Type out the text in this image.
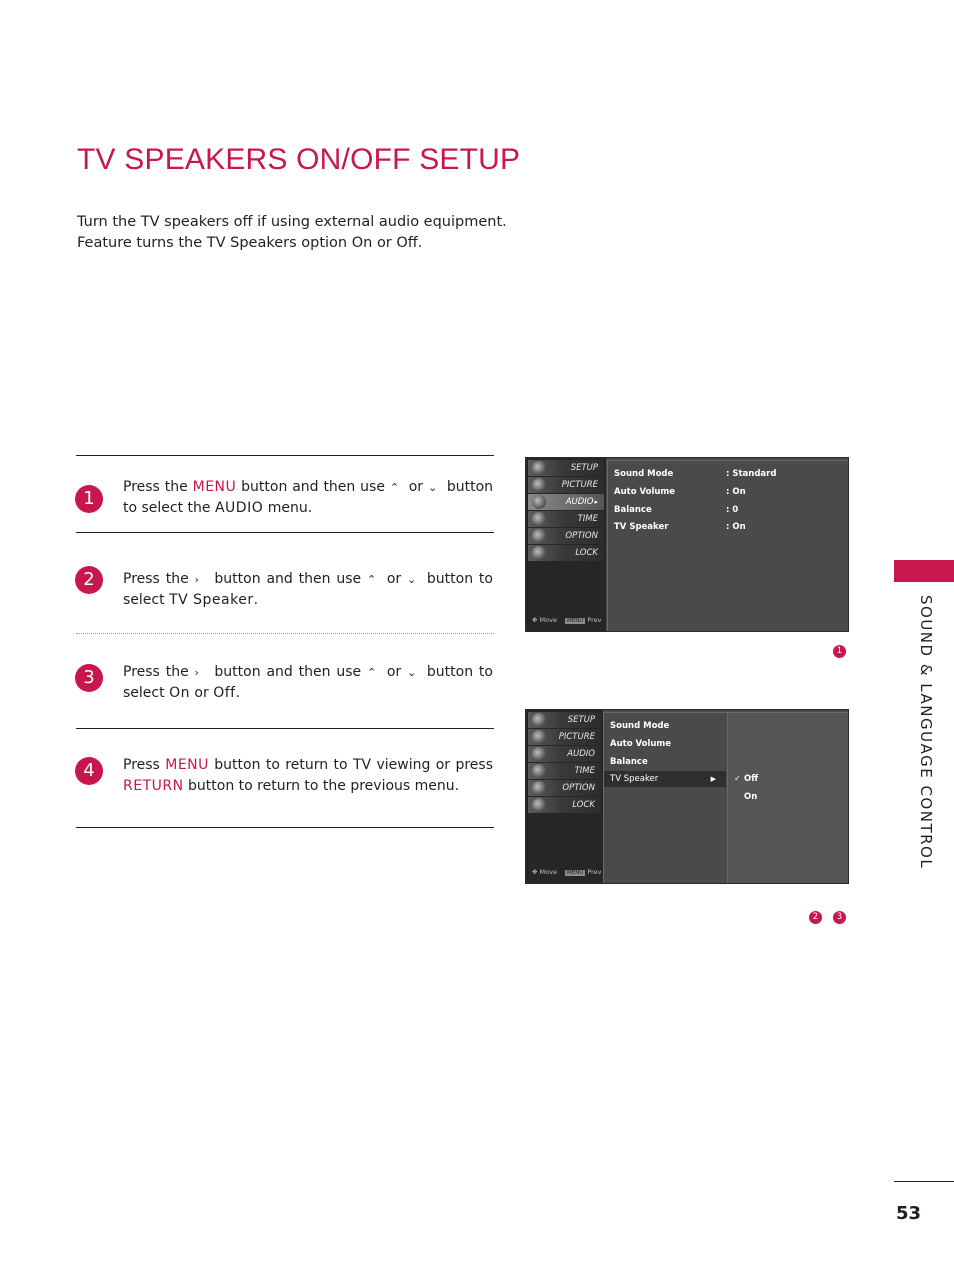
TV SPEAKERS ON/OFF SETUP
Turn the TV speakers off if using external audio equipment.
Feature turns the TV Speakers option On or Off.
SOUND & LANGUAGE CONTROL
53
1
Press the MENU button and then use ⌃ or ⌄ button
to select the AUDIO menu.
2	Press the › button and then use ⌃ or ⌄ button to
select TV Speaker.
3	Press the › button and then use ⌃ or ⌄ button to
select On or Off.
4	Press MENU button to return to TV viewing or press
RETURN button to return to the previous menu.
SETUP
PICTURE
AUDIO▸
TIME
OPTION
LOCK
✥ Move MENU Prev
Sound Mode	: Standard
Auto Volume	: On
Balance	: 0
TV Speaker	: On
1
SETUP
PICTURE
AUDIO
TIME
OPTION
LOCK
✥ Move MENU Prev
Sound Mode
Auto Volume
Balance
TV Speaker	▶ ✓ Off
On
2	3
